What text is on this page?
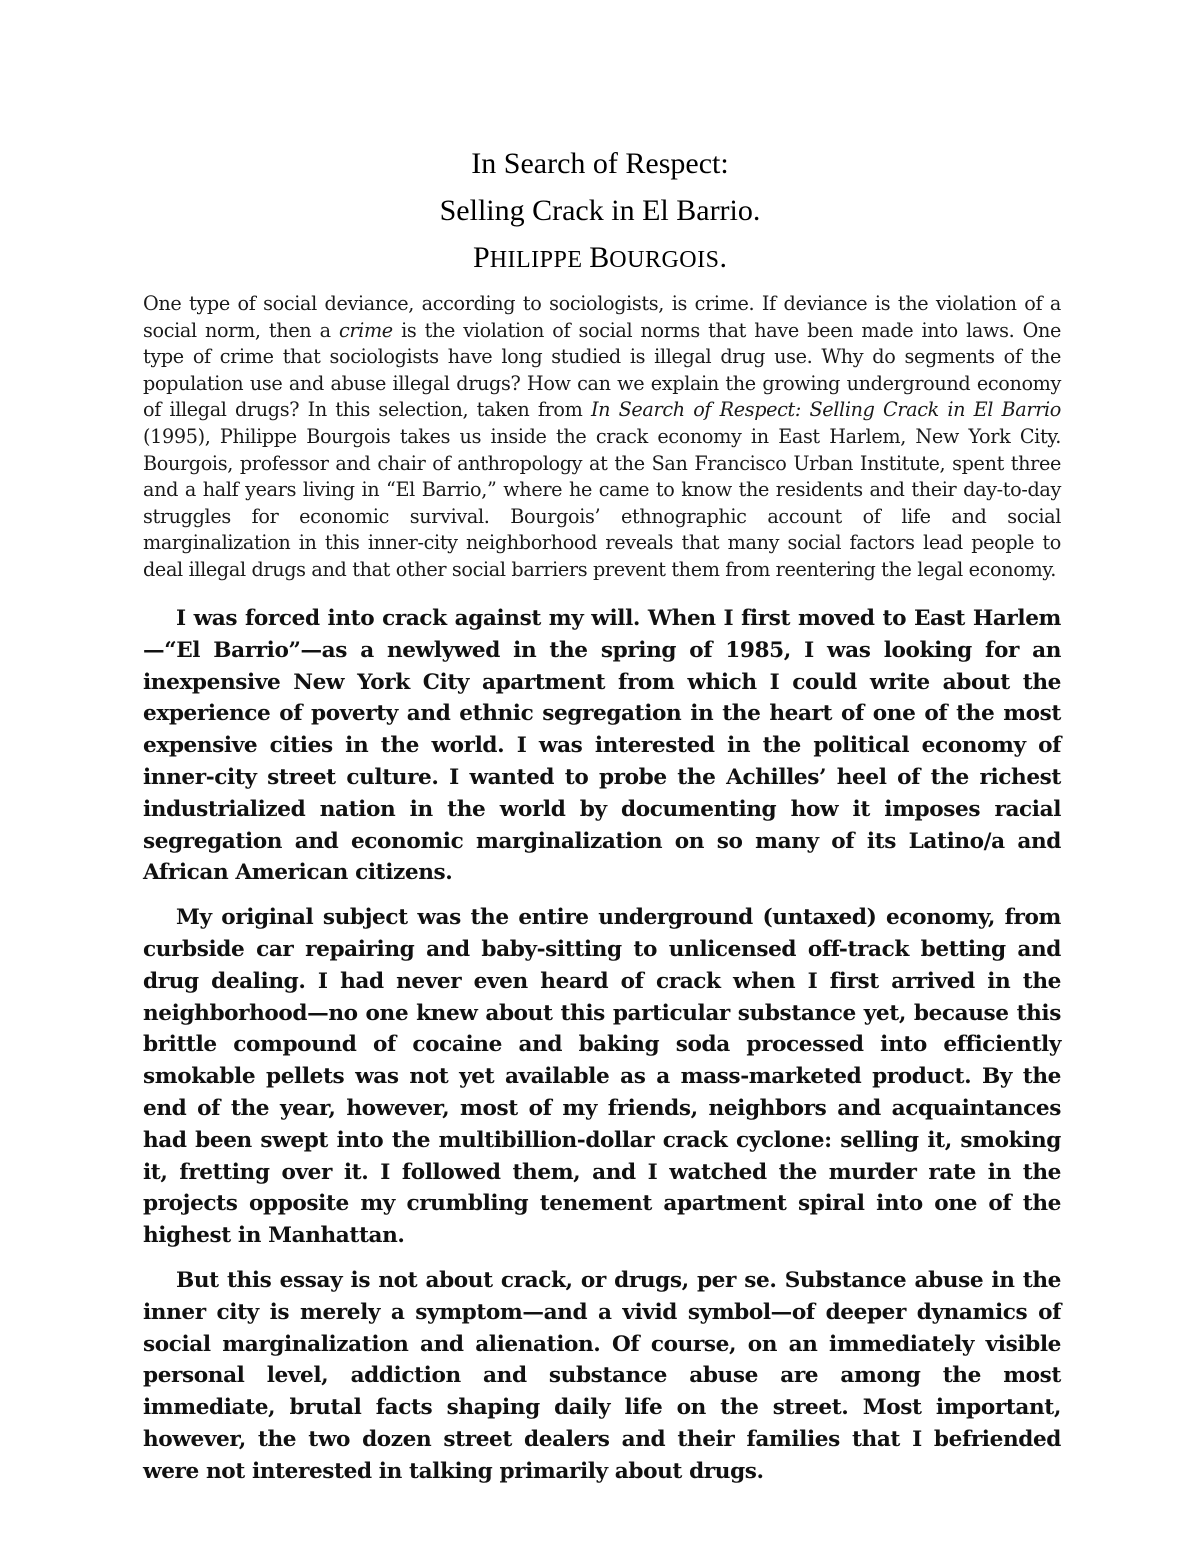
In Search of Respect:
Selling Crack in El Barrio.
PHILIPPE BOURGOIS.

One type of social deviance, according to sociologists, is crime. If deviance is the violation of a social norm, then a crime is the violation of social norms that have been made into laws. One type of crime that sociologists have long studied is illegal drug use. Why do segments of the population use and abuse illegal drugs? How can we explain the growing underground economy of illegal drugs? In this selection, taken from In Search of Respect: Selling Crack in El Barrio (1995), Philippe Bourgois takes us inside the crack economy in East Harlem, New York City. Bourgois, professor and chair of anthropology at the San Francisco Urban Institute, spent three and a half years living in “El Barrio,” where he came to know the residents and their day-to-day struggles for economic survival. Bourgois’ ethnographic account of life and social marginalization in this inner-city neighborhood reveals that many social factors lead people to deal illegal drugs and that other social barriers prevent them from reentering the legal economy.

I was forced into crack against my will. When I first moved to East Harlem—“El Barrio”—as a newlywed in the spring of 1985, I was looking for an inexpensive New York City apartment from which I could write about the experience of poverty and ethnic segregation in the heart of one of the most expensive cities in the world. I was interested in the political economy of inner-city street culture. I wanted to probe the Achilles’ heel of the richest industrialized nation in the world by documenting how it imposes racial segregation and economic marginalization on so many of its Latino/a and African American citizens.

My original subject was the entire underground (untaxed) economy, from curbside car repairing and baby-sitting to unlicensed off-track betting and drug dealing. I had never even heard of crack when I first arrived in the neighborhood—no one knew about this particular substance yet, because this brittle compound of cocaine and baking soda processed into efficiently smokable pellets was not yet available as a mass-marketed product. By the end of the year, however, most of my friends, neighbors and acquaintances had been swept into the multibillion-dollar crack cyclone: selling it, smoking it, fretting over it. I followed them, and I watched the murder rate in the projects opposite my crumbling tenement apartment spiral into one of the highest in Manhattan.

But this essay is not about crack, or drugs, per se. Substance abuse in the inner city is merely a symptom—and a vivid symbol—of deeper dynamics of social marginalization and alienation. Of course, on an immediately visible personal level, addiction and substance abuse are among the most immediate, brutal facts shaping daily life on the street. Most important, however, the two dozen street dealers and their families that I befriended were not interested in talking primarily about drugs.
